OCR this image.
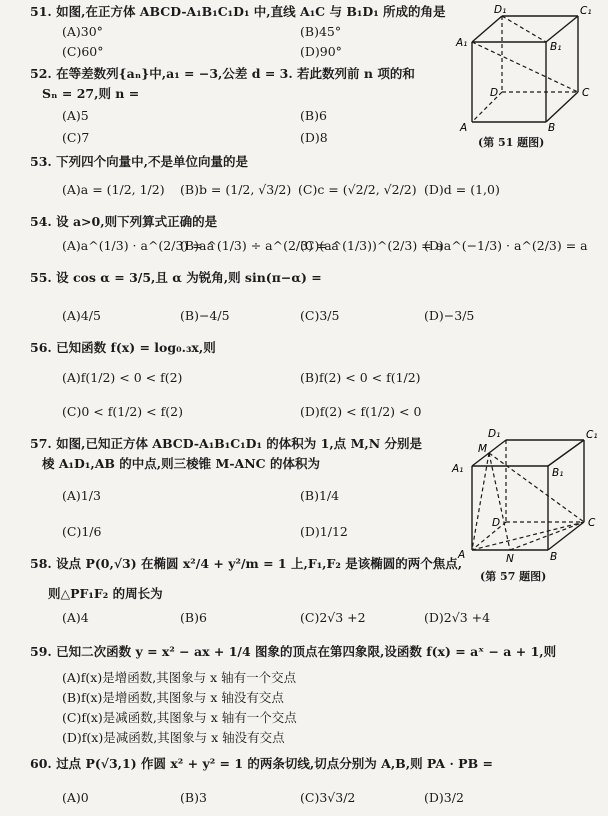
51. 如图,在正方体 ABCD-A₁B₁C₁D₁ 中,直线 A₁C 与 B₁D₁ 所成的角是
(A)30°	(B)45°
(C)60°	(D)90°
D₁	C₁
A₁	B₁
D	C
A	B
(第 51 题图)
52. 在等差数列{aₙ}中,a₁ = −3,公差 d = 3. 若此数列前 n 项的和
Sₙ = 27,则 n =
(A)5	(B)6
(C)7	(D)8
53. 下列四个向量中,不是单位向量的是
(A)a = (1/2, 1/2) (B)b = (1/2, √3/2) (C)c = (√2/2, √2/2) (D)d = (1,0)
54. 设 a>0,则下列算式正确的是
(A)a^(1/3) · a^(2/3) = a
(B)a^(1/3) ÷ a^(2/3) = a
(C)(a^(1/3))^(2/3) = a
(D)a^(−1/3) · a^(2/3) = a
55. 设 cos α = 3/5,且 α 为锐角,则 sin(π−α) =
(A)4/5	(B)−4/5	(C)3/5	(D)−3/5
56. 已知函数 f(x) = log₀.₃x,则
(A)f(1/2) < 0 < f(2)	(B)f(2) < 0 < f(1/2)
(C)0 < f(1/2) < f(2)	(D)f(2) < f(1/2) < 0
57. 如图,已知正方体 ABCD-A₁B₁C₁D₁ 的体积为 1,点 M,N 分别是
棱 A₁D₁,AB 的中点,则三棱锥 M-ANC 的体积为
(A)1/3	(B)1/4
(C)1/6	(D)1/12
D₁	C₁
M
A₁	B₁
D	C
A	N	B
(第 57 题图)
58. 设点 P(0,√3) 在椭圆 x²/4 + y²/m = 1 上,F₁,F₂ 是该椭圆的两个焦点,
则△PF₁F₂ 的周长为
(A)4	(B)6	(C)2√3 +2	(D)2√3 +4
59. 已知二次函数 y = x² − ax + 1/4 图象的顶点在第四象限,设函数 f(x) = aˣ − a + 1,则
(A)f(x)是增函数,其图象与 x 轴有一个交点
(B)f(x)是增函数,其图象与 x 轴没有交点
(C)f(x)是减函数,其图象与 x 轴有一个交点
(D)f(x)是减函数,其图象与 x 轴没有交点
60. 过点 P(√3,1) 作圆 x² + y² = 1 的两条切线,切点分别为 A,B,则 PA · PB =
(A)0	(B)3	(C)3√3/2	(D)3/2
